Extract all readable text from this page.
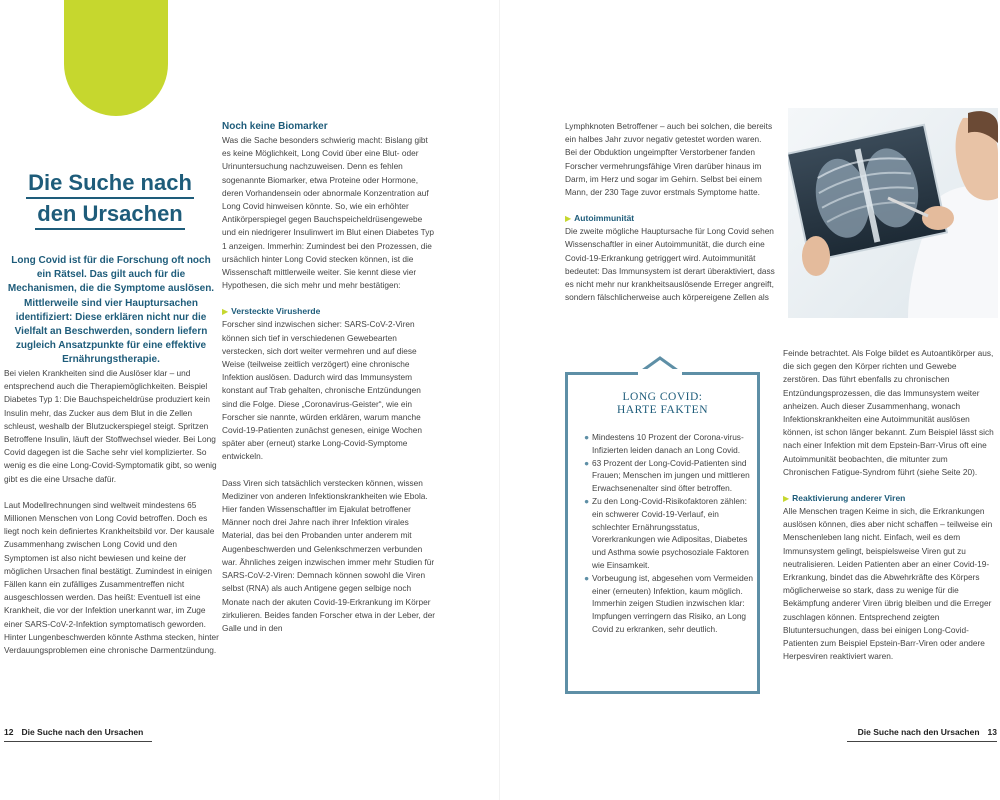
Die Suche nach
den Ursachen

Long Covid ist für die Forschung oft noch ein Rätsel. Das gilt auch für die Mechanismen, die die Symptome auslösen. Mittlerweile sind vier Hauptursachen identifiziert: Diese erklären nicht nur die Vielfalt an Beschwerden, sondern liefern zugleich Ansatzpunkte für eine effektive Ernährungstherapie.

Bei vielen Krankheiten sind die Auslöser klar – und entsprechend auch die Therapiemöglichkeiten. Beispiel Diabetes Typ 1: Die Bauchspeicheldrüse produziert kein Insulin mehr, das Zucker aus dem Blut in die Zellen schleust, weshalb der Blutzuckerspiegel steigt. Spritzen Betroffene Insulin, läuft der Stoffwechsel wieder. Bei Long Covid dagegen ist die Sache sehr viel komplizierter. So wenig es die eine Long-Covid-Symptomatik gibt, so wenig gibt es die eine Ursache dafür.

Laut Modellrechnungen sind weltweit mindestens 65 Millionen Menschen von Long Covid betroffen. Doch es liegt noch kein definiertes Krankheitsbild vor. Der kausale Zusammenhang zwischen Long Covid und den Symptomen ist also nicht bewiesen und keine der möglichen Ursachen final bestätigt. Zumindest in einigen Fällen kann ein zufälliges Zusammentreffen nicht ausgeschlossen werden. Das heißt: Eventuell ist eine Krankheit, die vor der Infektion unerkannt war, im Zuge einer SARS-CoV-2-Infektion symptomatisch geworden. Hinter Lungenbeschwerden könnte Asthma stecken, hinter Verdauungsproblemen eine chronische Darmentzündung.

Noch keine Biomarker

Was die Sache besonders schwierig macht: Bislang gibt es keine Möglichkeit, Long Covid über eine Blut- oder Urinuntersuchung nachzuweisen. Denn es fehlen sogenannte Biomarker, etwa Proteine oder Hormone, deren Vorhandensein oder abnormale Konzentration auf Long Covid hinweisen könnte. So, wie ein erhöhter Antikörperspiegel gegen Bauchspeicheldrüsengewebe und ein niedrigerer Insulinwert im Blut einen Diabetes Typ 1 anzeigen. Immerhin: Zumindest bei den Prozessen, die ursächlich hinter Long Covid stecken können, ist die Wissenschaft mittlerweile weiter. Sie kennt diese vier Hypothesen, die sich mehr und mehr bestätigen:

▶ Versteckte Virusherde

Forscher sind inzwischen sicher: SARS-CoV-2-Viren können sich tief in verschiedenen Gewebearten verstecken, sich dort weiter vermehren und auf diese Weise (teilweise zeitlich verzögert) eine chronische Infektion auslösen. Dadurch wird das Immunsystem konstant auf Trab gehalten, chronische Entzündungen sind die Folge. Diese „Coronavirus-Geister“, wie ein Forscher sie nannte, würden erklären, warum manche Covid-19-Patienten zunächst genesen, einige Wochen später aber (erneut) starke Long-Covid-Symptome entwickeln.

Dass Viren sich tatsächlich verstecken können, wissen Mediziner von anderen Infektionskrankheiten wie Ebola. Hier fanden Wissenschaftler im Ejakulat betroffener Männer noch drei Jahre nach ihrer Infektion virales Material, das bei den Probanden unter anderem mit Augenbeschwerden und Gelenkschmerzen verbunden war. Ähnliches zeigen inzwischen immer mehr Studien für SARS-CoV-2-Viren: Demnach können sowohl die Viren selbst (RNA) als auch Antigene gegen selbige noch Monate nach der akuten Covid-19-Erkrankung im Körper zirkulieren. Beides fanden Forscher etwa in der Leber, der Galle und in den

12 Die Suche nach den Ursachen

Lymphknoten Betroffener – auch bei solchen, die bereits ein halbes Jahr zuvor negativ getestet worden waren. Bei der Obduktion ungeimpfter Verstorbener fanden Forscher vermehrungsfähige Viren darüber hinaus im Darm, im Herz und sogar im Gehirn. Selbst bei einem Mann, der 230 Tage zuvor erstmals Symptome hatte.

▶ Autoimmunität

Die zweite mögliche Hauptursache für Long Covid sehen Wissenschaftler in einer Autoimmunität, die durch eine Covid-19-Erkrankung getriggert wird. Autoimmunität bedeutet: Das Immunsystem ist derart überaktiviert, dass es nicht mehr nur krankheitsauslösende Erreger angreift, sondern fälschlicherweise auch körpereigene Zellen als

LONG COVID:
HARTE FAKTEN
● Mindestens 10 Prozent der Corona-virus-Infizierten leiden danach an Long Covid.
● 63 Prozent der Long-Covid-Patienten sind Frauen; Menschen im jungen und mittleren Erwachsenenalter sind öfter betroffen.
● Zu den Long-Covid-Risikofaktoren zählen: ein schwerer Covid-19-Verlauf, ein schlechter Ernährungsstatus, Vorerkrankungen wie Adipositas, Diabetes und Asthma sowie psychosoziale Faktoren wie Einsamkeit.
● Vorbeugung ist, abgesehen vom Vermeiden einer (erneuten) Infektion, kaum möglich. Immerhin zeigen Studien inzwischen klar: Impfungen verringern das Risiko, an Long Covid zu erkranken, sehr deutlich.

Feinde betrachtet. Als Folge bildet es Autoantikörper aus, die sich gegen den Körper richten und Gewebe zerstören. Das führt ebenfalls zu chronischen Entzündungsprozessen, die das Immunsystem weiter anheizen. Auch dieser Zusammenhang, wonach Infektionskrankheiten eine Autoimmunität auslösen können, ist schon länger bekannt. Zum Beispiel lässt sich nach einer Infektion mit dem Epstein-Barr-Virus oft eine Autoimmunität beobachten, die mitunter zum Chronischen Fatigue-Syndrom führt (siehe Seite 20).

▶ Reaktivierung anderer Viren

Alle Menschen tragen Keime in sich, die Erkrankungen auslösen können, dies aber nicht schaffen – teilweise ein Menschenleben lang nicht. Einfach, weil es dem Immunsystem gelingt, beispielsweise Viren gut zu neutralisieren. Leiden Patienten aber an einer Covid-19-Erkrankung, bindet das die Abwehrkräfte des Körpers möglicherweise so stark, dass zu wenige für die Bekämpfung anderer Viren übrig bleiben und die Erreger zuschlagen können. Entsprechend zeigten Blutuntersuchungen, dass bei einigen Long-Covid-Patienten zum Beispiel Epstein-Barr-Viren oder andere Herpesviren reaktiviert waren.

Die Suche nach den Ursachen 13
